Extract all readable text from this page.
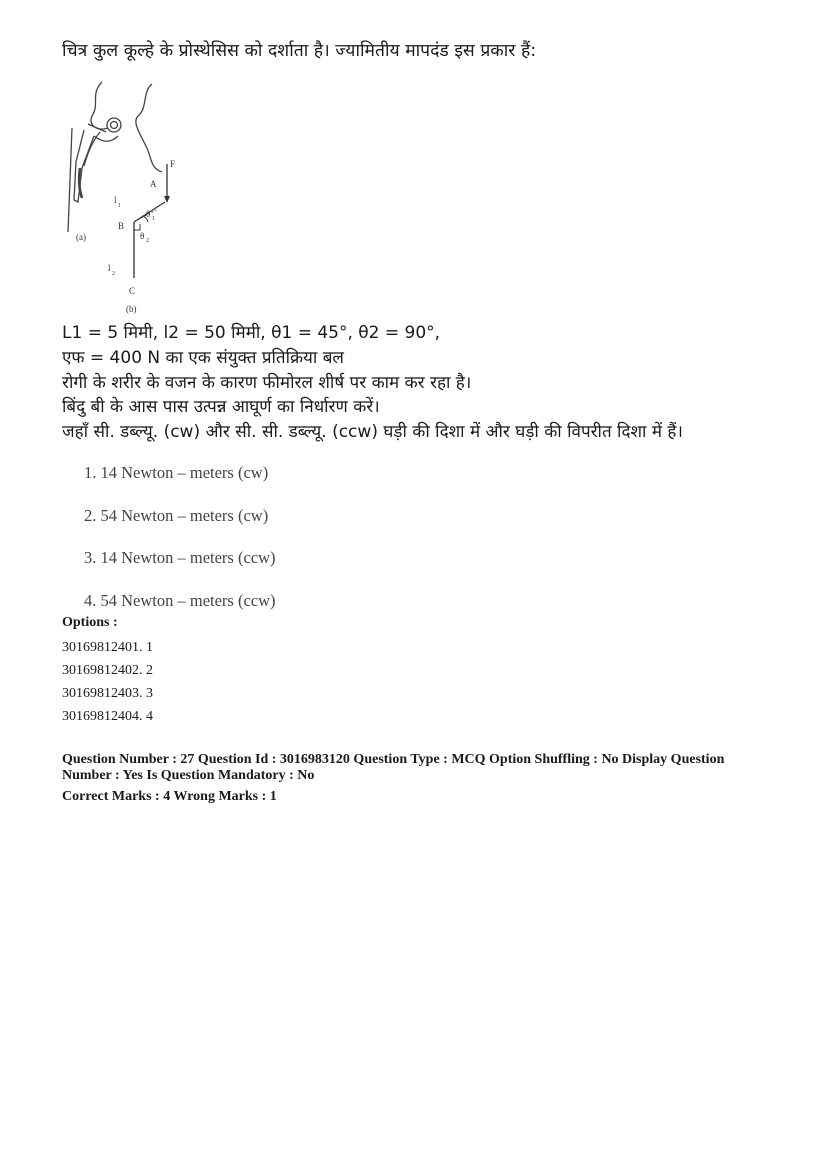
चित्र कुल कूल्हे के प्रोस्थेसिस को दर्शाता है। ज्यामितीय मापदंड इस प्रकार हैं:
(a)
F
A
B
C
l
1
l
2
θ 1
θ 2
(b)
L1 = 5 मिमी, l2 = 50 मिमी, θ1 = 45°, θ2 = 90°,
एफ = 400 N का एक संयुक्त प्रतिक्रिया बल
रोगी के शरीर के वजन के कारण फीमोरल शीर्ष पर काम कर रहा है।
बिंदु बी के आस पास उत्पन्न आघूर्ण का निर्धारण करें।
जहाँ सी. डब्ल्यू. (cw) और सी. सी. डब्ल्यू. (ccw) घड़ी की दिशा में और घड़ी की विपरीत दिशा में हैं।
1. 14 Newton – meters (cw)
2. 54 Newton – meters (cw)
3. 14 Newton – meters (ccw)
4. 54 Newton – meters (ccw)
Options :
30169812401. 1
30169812402. 2
30169812403. 3
30169812404. 4
Question Number : 27 Question Id : 3016983120 Question Type : MCQ Option Shuffling : No Display Question
Number : Yes Is Question Mandatory : No
Correct Marks : 4 Wrong Marks : 1
